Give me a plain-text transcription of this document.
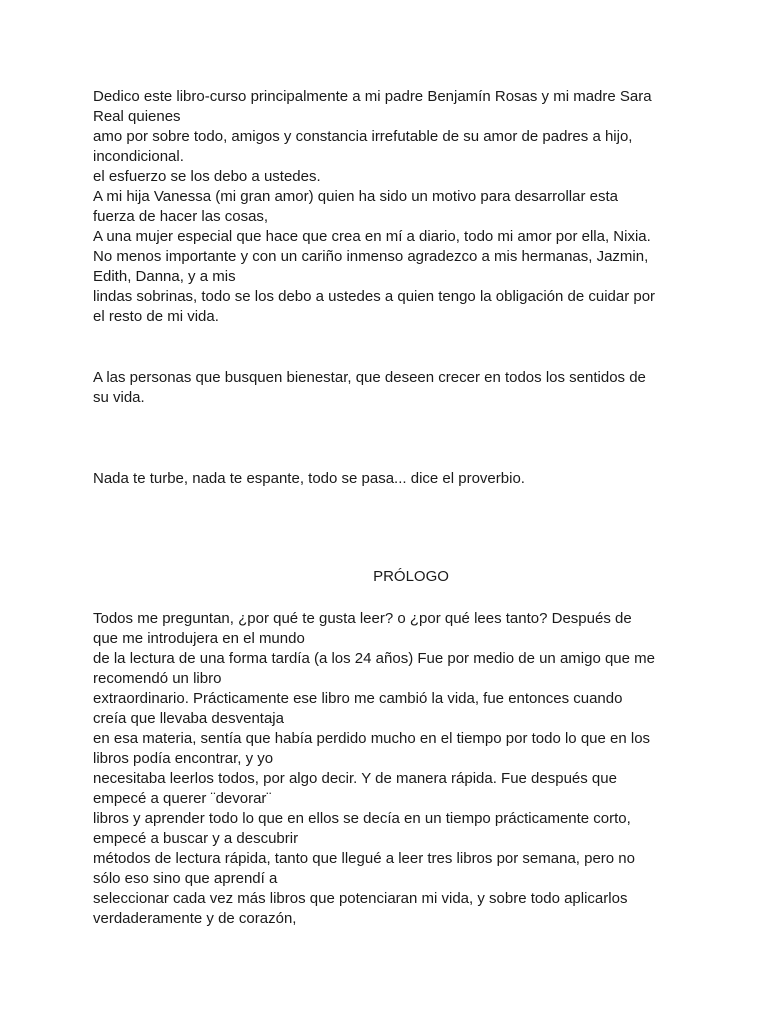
Dedico este libro-curso principalmente a mi padre Benjamín Rosas y mi madre Sara
Real quienes
amo por sobre todo, amigos y constancia irrefutable de su amor de padres a hijo,
incondicional.
el esfuerzo se los debo a ustedes.
A mi hija Vanessa (mi gran amor) quien ha sido un motivo para desarrollar esta
fuerza de hacer las cosas,
A una mujer especial que hace que crea en mí a diario, todo mi amor por ella, Nixia.
No menos importante y con un cariño inmenso agradezco a mis hermanas, Jazmin,
Edith, Danna, y a mis
lindas sobrinas, todo se los debo a ustedes a quien tengo la obligación de cuidar por
el resto de mi vida.
A las personas que busquen bienestar, que deseen crecer en todos los sentidos de
su vida.
Nada te turbe, nada te espante, todo se pasa... dice el proverbio.
PRÓLOGO
Todos me preguntan, ¿por qué te gusta leer? o ¿por qué lees tanto? Después de
que me introdujera en el mundo
de la lectura de una forma tardía (a los 24 años) Fue por medio de un amigo que me
recomendó un libro
extraordinario. Prácticamente ese libro me cambió la vida, fue entonces cuando
creía que llevaba desventaja
en esa materia, sentía que había perdido mucho en el tiempo por todo lo que en los
libros podía encontrar, y yo
necesitaba leerlos todos, por algo decir. Y de manera rápida. Fue después que
empecé a querer ¨devorar¨
libros y aprender todo lo que en ellos se decía en un tiempo prácticamente corto,
empecé a buscar y a descubrir
métodos de lectura rápida, tanto que llegué a leer tres libros por semana, pero no
sólo eso sino que aprendí a
seleccionar cada vez más libros que potenciaran mi vida, y sobre todo aplicarlos
verdaderamente y de corazón,
